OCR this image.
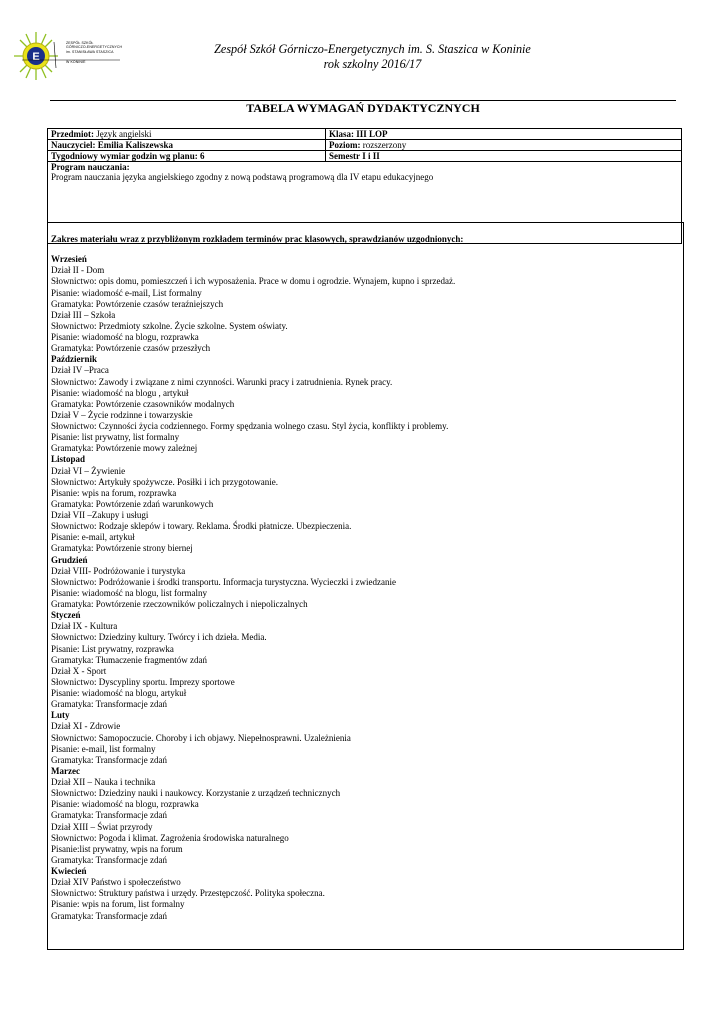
E
ZESPÓŁ SZKÓŁ
GÓRNICZO-ENERGETYCZNYCH
im. STANISŁAWA STASZICA
W KONINIE
Zespół Szkół Górniczo-Energetycznych im. S. Staszica w Koninie
rok szkolny 2016/17
TABELA WYMAGAŃ DYDAKTYCZNYCH
Przedmiot: Język angielski	Klasa: III LOP
Nauczyciel: Emilia Kaliszewska	Poziom: rozszerzony
Tygodniowy wymiar godzin wg planu: 6	Semestr I i II

Program nauczania:
Program nauczania języka angielskiego zgodny z nową podstawą programową dla IV etapu edukacyjnego	
Zakres materiału wraz z przybliżonym rozkładem terminów prac klasowych, sprawdzianów uzgodnionych:
Wrzesień
Dział II - Dom
Słownictwo: opis domu, pomieszczeń i ich wyposażenia. Prace w domu i ogrodzie. Wynajem, kupno i sprzedaż.
Pisanie: wiadomość e-mail, List formalny
Gramatyka: Powtórzenie czasów teraźniejszych
Dział III – Szkoła
Słownictwo: Przedmioty szkolne. Życie szkolne. System oświaty.
Pisanie: wiadomość na blogu, rozprawka
Gramatyka: Powtórzenie czasów przeszłych
Październik
Dział IV –Praca
Słownictwo: Zawody i związane z nimi czynności. Warunki pracy i zatrudnienia. Rynek pracy.
Pisanie: wiadomość na blogu , artykuł
Gramatyka: Powtórzenie czasowników modalnych
Dział V – Życie rodzinne i towarzyskie
Słownictwo: Czynności życia codziennego. Formy spędzania wolnego czasu. Styl życia, konflikty i problemy.
Pisanie: list prywatny, list formalny
Gramatyka: Powtórzenie mowy zależnej
Listopad
Dział VI – Żywienie
Słownictwo: Artykuły spożywcze. Posiłki i ich przygotowanie.
Pisanie: wpis na forum, rozprawka
Gramatyka: Powtórzenie zdań warunkowych
Dział VII –Zakupy i usługi
Słownictwo: Rodzaje sklepów i towary. Reklama. Środki płatnicze. Ubezpieczenia.
Pisanie: e-mail, artykuł
Gramatyka: Powtórzenie strony biernej
Grudzień
Dział VIII- Podróżowanie i turystyka
Słownictwo: Podróżowanie i środki transportu. Informacja turystyczna. Wycieczki i zwiedzanie
Pisanie: wiadomość na blogu, list formalny
Gramatyka: Powtórzenie rzeczowników policzalnych i niepoliczalnych
Styczeń
Dział IX - Kultura
Słownictwo: Dziedziny kultury. Twórcy i ich dzieła. Media.
Pisanie: List prywatny, rozprawka
Gramatyka: Tłumaczenie fragmentów zdań
Dział X - Sport
Słownictwo: Dyscypliny sportu. Imprezy sportowe
Pisanie: wiadomość na blogu, artykuł
Gramatyka: Transformacje zdań
Luty
Dział XI - Zdrowie
Słownictwo: Samopoczucie. Choroby i ich objawy. Niepełnosprawni. Uzależnienia
Pisanie: e-mail, list formalny
Gramatyka: Transformacje zdań
Marzec
Dział XII – Nauka i technika
Słownictwo: Dziedziny nauki i naukowcy. Korzystanie z urządzeń technicznych
Pisanie: wiadomość na blogu, rozprawka
Gramatyka: Transformacje zdań
Dział XIII – Świat przyrody
Słownictwo: Pogoda i klimat. Zagrożenia środowiska naturalnego
Pisanie:list prywatny, wpis na forum
Gramatyka: Transformacje zdań
Kwiecień
Dział XIV Państwo i społeczeństwo
Słownictwo: Struktury państwa i urzędy. Przestępczość. Polityka społeczna.
Pisanie: wpis na forum, list formalny
Gramatyka: Transformacje zdań
